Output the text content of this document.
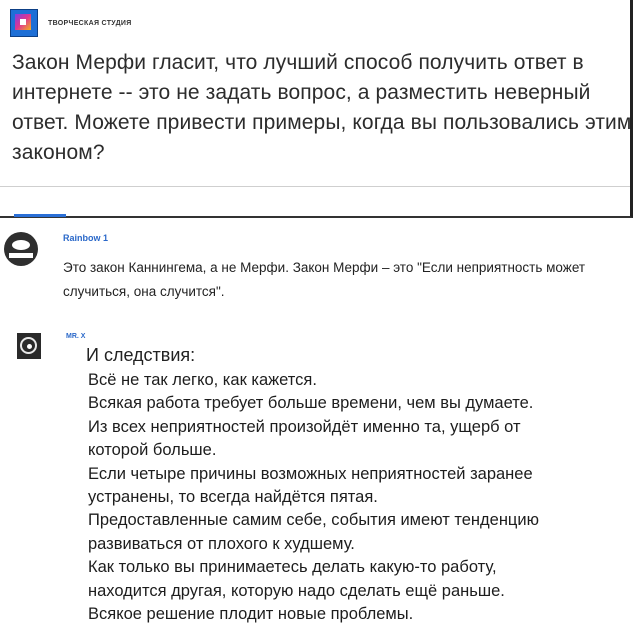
ТВОРЧЕСКАЯ СТУДИЯ
Закон Мерфи гласит, что лучший способ получить ответ в интернете -- это не задать вопрос, а разместить неверный ответ. Можете привести примеры, когда вы пользовались этим законом?
Rainbow 1
Это закон Каннингема, а не Мерфи. Закон Мерфи – это "Если неприятность может случиться, она случится".
MR. X
И следствия:
Всё не так легко, как кажется.
Всякая работа требует больше времени, чем вы думаете.
Из всех неприятностей произойдёт именно та, ущерб от
которой больше.
Если четыре причины возможных неприятностей заранее
устранены, то всегда найдётся пятая.
Предоставленные самим себе, события имеют тенденцию
развиваться от плохого к худшему.
Как только вы принимаетесь делать какую-то работу,
находится другая, которую надо сделать ещё раньше.
Всякое решение плодит новые проблемы.
